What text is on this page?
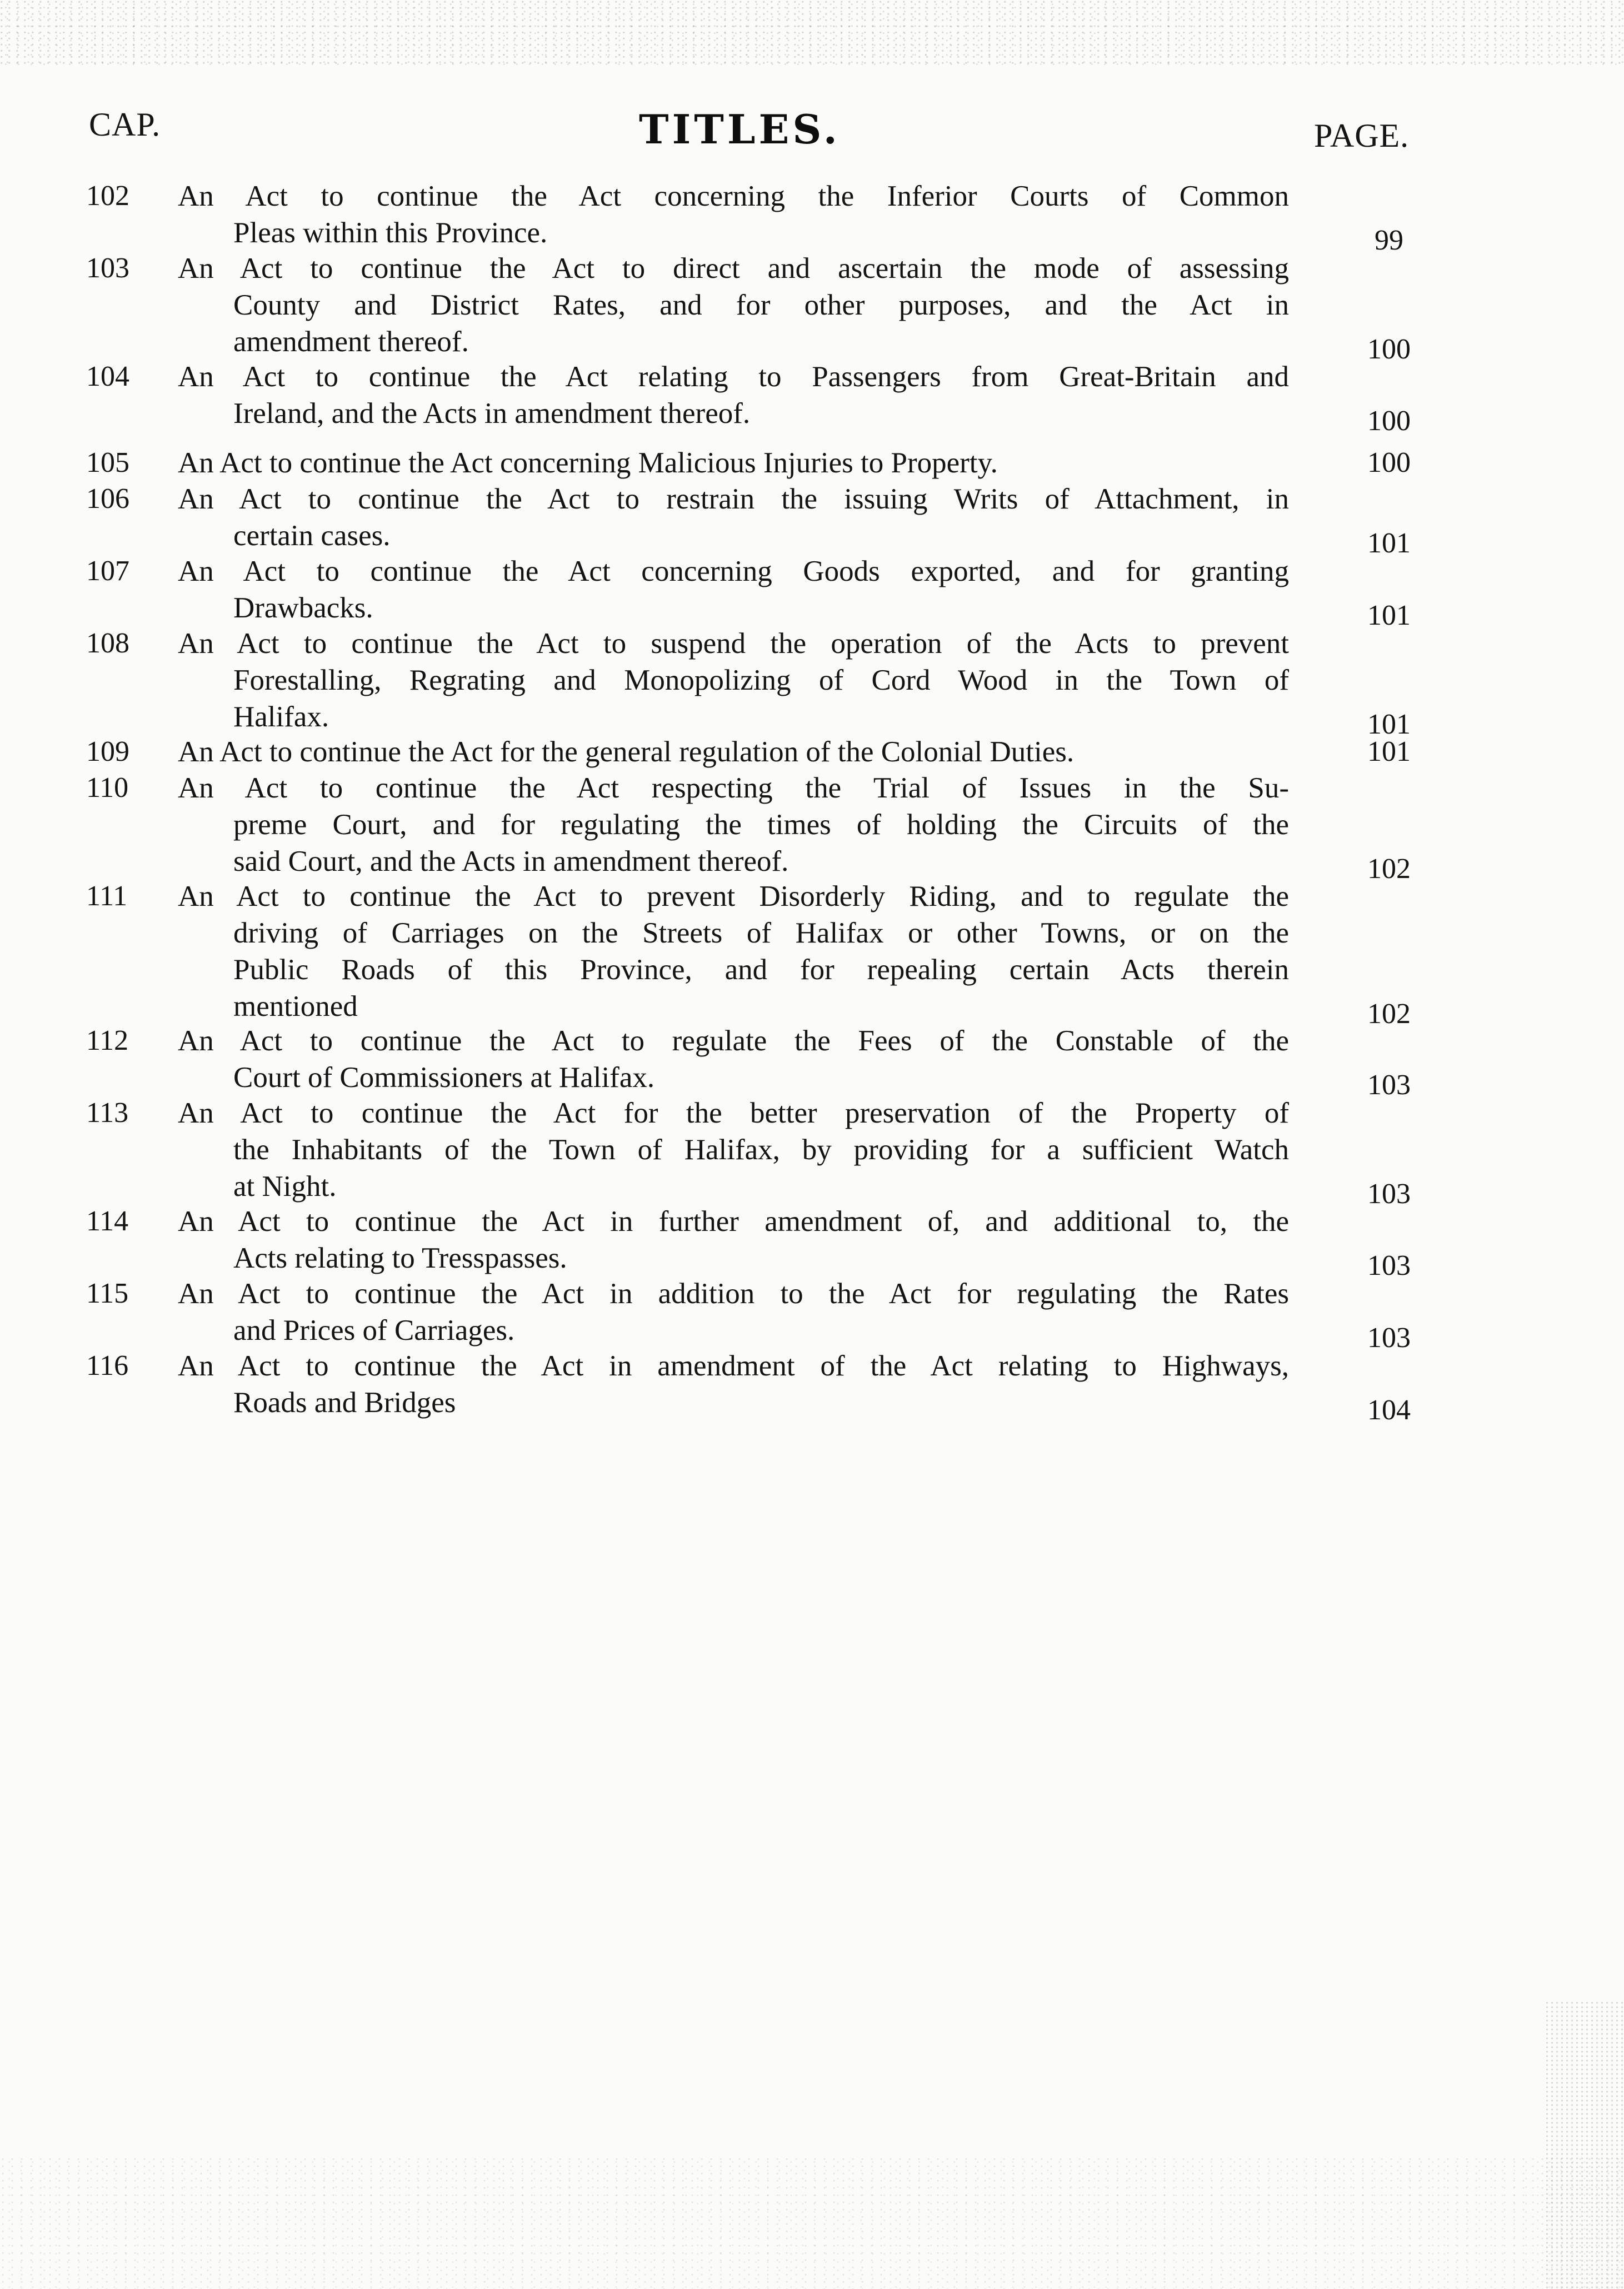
CAP.	TITLES.	PAGE.
102 An Act to continue the Act concerning the Inferior Courts of Common
Pleas within this Province.	99
103 An Act to continue the Act to direct and ascertain the mode of assessing
County and District Rates, and for other purposes, and the Act in
amendment thereof.	100
104 An Act to continue the Act relating to Passengers from Great-Britain and
Ireland, and the Acts in amendment thereof.	100
105 An Act to continue the Act concerning Malicious Injuries to Property.	100
106 An Act to continue the Act to restrain the issuing Writs of Attachment, in
certain cases.	101
107 An Act to continue the Act concerning Goods exported, and for granting
Drawbacks.	101
108 An Act to continue the Act to suspend the operation of the Acts to prevent
Forestalling, Regrating and Monopolizing of Cord Wood in the Town of
Halifax.	101
109 An Act to continue the Act for the general regulation of the Colonial Duties.	101
110 An Act to continue the Act respecting the Trial of Issues in the Su-
preme Court, and for regulating the times of holding the Circuits of the
said Court, and the Acts in amendment thereof.	102
111 An Act to continue the Act to prevent Disorderly Riding, and to regulate the
driving of Carriages on the Streets of Halifax or other Towns, or on the
Public Roads of this Province, and for repealing certain Acts therein
mentioned	102
112 An Act to continue the Act to regulate the Fees of the Constable of the
Court of Commissioners at Halifax.	103
113 An Act to continue the Act for the better preservation of the Property of
the Inhabitants of the Town of Halifax, by providing for a sufficient Watch
at Night.	103
114 An Act to continue the Act in further amendment of, and additional to, the
Acts relating to Tresspasses.	103
115 An Act to continue the Act in addition to the Act for regulating the Rates
and Prices of Carriages.	103
116 An Act to continue the Act in amendment of the Act relating to Highways,
Roads and Bridges	104
